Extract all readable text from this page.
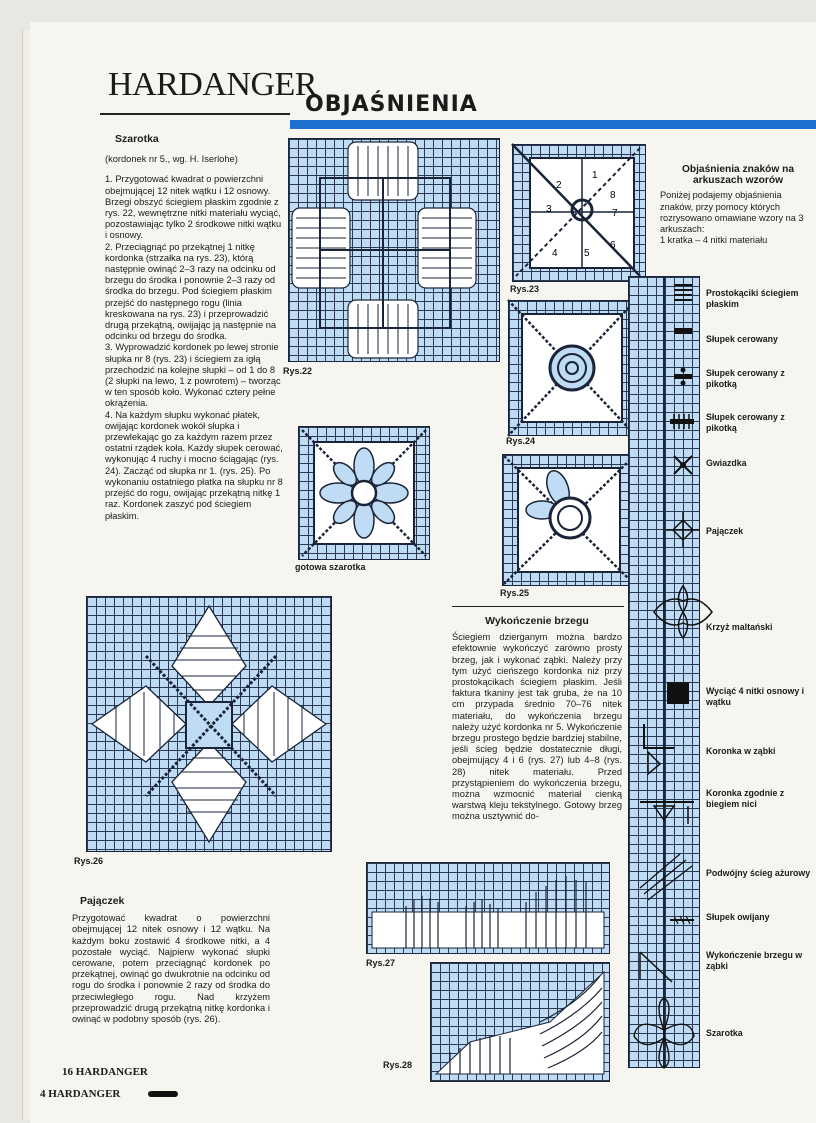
HARDANGER
OBJAŚNIENIA
Szarotka
(kordonek nr 5., wg. H. Iserlohe)
1. Przygotować kwadrat o powierzchni obejmującej 12 nitek wątku i 12 osnowy. Brzegi obszyć ściegiem płaskim zgodnie z rys. 22, wewnętrzne nitki materiału wyciąć, pozostawiając tylko 2 środkowe nitki wątku i osnowy.
2. Przeciągnąć po przekątnej 1 nitkę kordonka (strzałka na rys. 23), którą następnie owinąć 2–3 razy na odcinku od brzegu do środka i ponownie 2–3 razy od środka do brzegu. Pod ściegiem płaskim przejść do następnego rogu (linia kreskowana na rys. 23) i przeprowadzić drugą przekątną, owijając ją następnie na odcinku od brzegu do środka.
3. Wyprowadzić kordonek po lewej stronie słupka nr 8 (rys. 23) i ściegiem za igłą przechodzić na kolejne słupki – od 1 do 8 (2 słupki na lewo, 1 z powrotem) – tworząc w ten sposób koło. Wykonać cztery pełne okrążenia.
4. Na każdym słupku wykonać płatek, owijając kordonek wokół słupka i przewlekając go za każdym razem przez ostatni rządek koła. Każdy słupek cerować, wykonując 4 ruchy i mocno ściągając (rys. 24). Zacząć od słupka nr 1. (rys. 25). Po wykonaniu ostatniego płatka na słupku nr 8 przejść do rogu, owijając przekątną nitkę 1 raz. Kordonek zaszyć pod ściegiem płaskim.
Rys.22
2
1
8
3	7
4	5
6
Rys.23
Rys.24
gotowa szarotka
Rys.25
Rys.26
Wykończenie brzegu
Ściegiem dzierganym można bardzo efektownie wykończyć zarówno prosty brzeg, jak i wykonać ząbki. Należy przy tym użyć cieńszego kordonka niż przy prostokącikach ściegiem płaskim. Jeśli faktura tkaniny jest tak gruba, że na 10 cm przypada średnio 70–76 nitek materiału, do wykończenia brzegu należy użyć kordonka nr 5. Wykończenie brzegu prostego będzie bardziej stabilne, jeśli ścieg będzie dostatecznie długi, obejmujący 4 i 6 (rys. 27) lub 4–8 (rys. 28) nitek materiału. Przed przystąpieniem do wykończenia brzegu, można wzmocnić materiał cienką warstwą kleju tekstylnego. Gotowy brzeg można usztywnić do-
Pajączek
Przygotować kwadrat o powierzchni obejmującej 12 nitek osnowy i 12 wątku. Na każdym boku zostawić 4 środkowe nitki, a 4 pozostałe wyciąć. Najpierw wykonać słupki cerowane, potem przeciągnąć kordonek po przekątnej, owinąć go dwukrotnie na odcinku od rogu do środka i ponownie 2 razy od środka do przeciwległego rogu. Nad krzyżem przeprowadzić drugą przekątną nitkę kordonka i owinąć w podobny sposób (rys. 26).
Rys.27
Rys.28
Objaśnienia znaków na arkuszach wzorów
Poniżej podajemy objaśnienia znaków, przy pomocy których rozrysowano omawiane wzory na 3 arkuszach:
1 kratka – 4 nitki materiału
Prostokąciki ściegiem płaskim
Słupek cerowany
Słupek cerowany z pikotką
Słupek cerowany z pikotką
Gwiazdka
Pajączek
Krzyż maltański
Wyciąć 4 nitki osnowy i wątku
Koronka w ząbki
Koronka zgodnie z biegiem nici
Podwójny ścieg ażurowy
Słupek owijany
Wykończenie brzegu w ząbki
Szarotka
16 HARDANGER
4 HARDANGER
